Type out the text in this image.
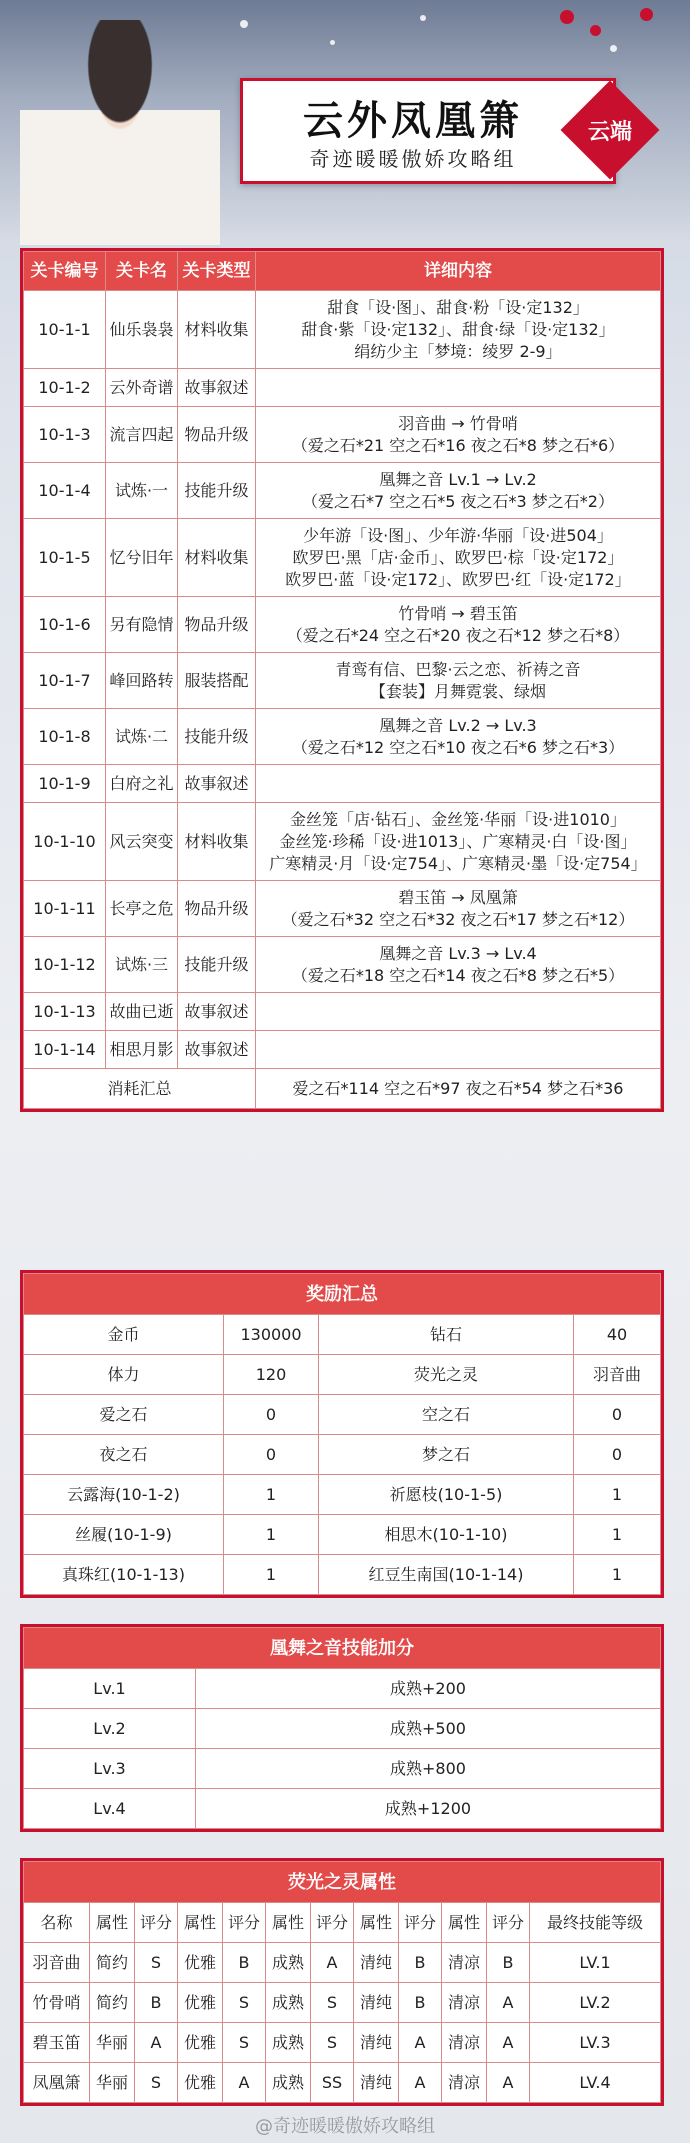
云外凤凰箫
奇迹暖暖傲娇攻略组
云端
关卡编号	关卡名	关卡类型	详细内容
10-1-1	仙乐袅袅	材料收集	甜食「设·图」、甜食·粉「设·定132」
甜食·紫「设·定132」、甜食·绿「设·定132」
绢纺少主「梦境：绫罗 2-9」

10-1-2	云外奇谱	故事叙述	
10-1-3	流言四起	物品升级	羽音曲 → 竹骨哨
（爱之石*21 空之石*16 夜之石*8 梦之石*6）

10-1-4	试炼·一	技能升级	凰舞之音 Lv.1 → Lv.2
（爱之石*7 空之石*5 夜之石*3 梦之石*2）

10-1-5	忆兮旧年	材料收集	少年游「设·图」、少年游·华丽「设·进504」
欧罗巴·黑「店·金币」、欧罗巴·棕「设·定172」
欧罗巴·蓝「设·定172」、欧罗巴·红「设·定172」

10-1-6	另有隐情	物品升级	竹骨哨 → 碧玉笛
（爱之石*24 空之石*20 夜之石*12 梦之石*8）

10-1-7	峰回路转	服装搭配	青鸾有信、巴黎·云之恋、祈祷之音
【套装】月舞霓裳、绿烟

10-1-8	试炼·二	技能升级	凰舞之音 Lv.2 → Lv.3
（爱之石*12 空之石*10 夜之石*6 梦之石*3）

10-1-9	白府之礼	故事叙述	
10-1-10	风云突变	材料收集	金丝笼「店·钻石」、金丝笼·华丽「设·进1010」
金丝笼·珍稀「设·进1013」、广寒精灵·白「设·图」
广寒精灵·月「设·定754」、广寒精灵·墨「设·定754」

10-1-11	长亭之危	物品升级	碧玉笛 → 凤凰箫
（爱之石*32 空之石*32 夜之石*17 梦之石*12）

10-1-12	试炼·三	技能升级	凰舞之音 Lv.3 → Lv.4
（爱之石*18 空之石*14 夜之石*8 梦之石*5）

10-1-13	故曲已逝	故事叙述	
10-1-14	相思月影	故事叙述	
消耗汇总			爱之石*114 空之石*97 夜之石*54 梦之石*36
奖励汇总			
金币	130000	钻石	40
体力	120	荧光之灵	羽音曲
爱之石	0	空之石	0
夜之石	0	梦之石	0
云露海(10-1-2)	1	祈愿枝(10-1-5)	1
丝履(10-1-9)	1	相思木(10-1-10)	1
真珠红(10-1-13)	1	红豆生南国(10-1-14)	1
凰舞之音技能加分	
Lv.1	成熟+200
Lv.2	成熟+500
Lv.3	成熟+800
Lv.4	成熟+1200
荧光之灵属性											
名称	属性	评分	属性	评分	属性	评分	属性	评分	属性	评分	最终技能等级
羽音曲	简约	S	优雅	B	成熟	A	清纯	B	清凉	B	LV.1
竹骨哨	简约	B	优雅	S	成熟	S	清纯	B	清凉	A	LV.2
碧玉笛	华丽	A	优雅	S	成熟	S	清纯	A	清凉	A	LV.3
凤凰箫	华丽	S	优雅	A	成熟	SS	清纯	A	清凉	A	LV.4
@奇迹暖暖傲娇攻略组
